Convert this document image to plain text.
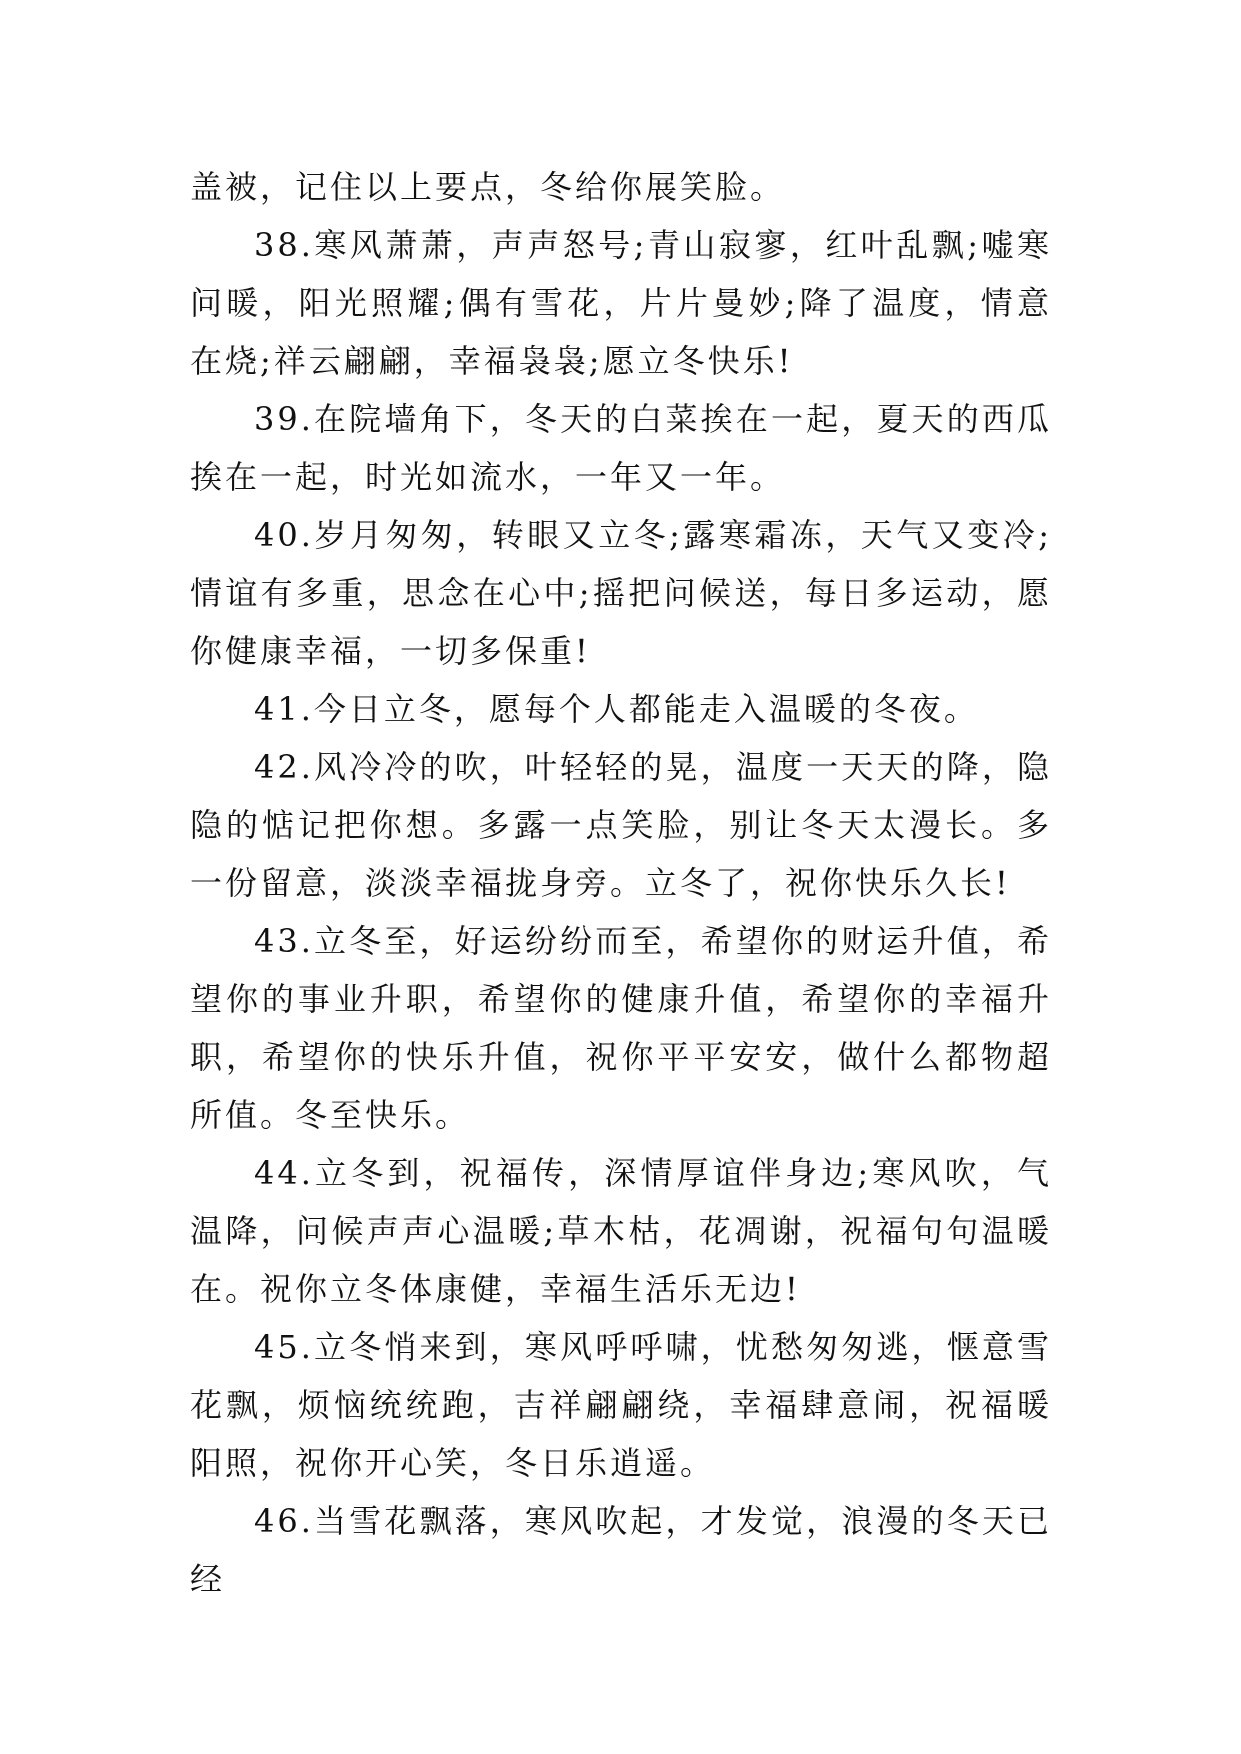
盖被，记住以上要点，冬给你展笑脸。

38.寒风萧萧，声声怒号;青山寂寥，红叶乱飘;嘘寒问暖，阳光照耀;偶有雪花，片片曼妙;降了温度，情意在烧;祥云翩翩，幸福袅袅;愿立冬快乐!

39.在院墙角下，冬天的白菜挨在一起，夏天的西瓜挨在一起，时光如流水，一年又一年。

40.岁月匆匆，转眼又立冬;露寒霜冻，天气又变冷;情谊有多重，思念在心中;摇把问候送，每日多运动，愿你健康幸福，一切多保重!

41.今日立冬，愿每个人都能走入温暖的冬夜。

42.风冷冷的吹，叶轻轻的晃，温度一天天的降，隐隐的惦记把你想。多露一点笑脸，别让冬天太漫长。多一份留意，淡淡幸福拢身旁。立冬了，祝你快乐久长!

43.立冬至，好运纷纷而至，希望你的财运升值，希望你的事业升职，希望你的健康升值，希望你的幸福升职，希望你的快乐升值，祝你平平安安，做什么都物超所值。冬至快乐。

44.立冬到，祝福传，深情厚谊伴身边;寒风吹，气温降，问候声声心温暖;草木枯，花凋谢，祝福句句温暖在。祝你立冬体康健，幸福生活乐无边!

45.立冬悄来到，寒风呼呼啸，忧愁匆匆逃，惬意雪花飘，烦恼统统跑，吉祥翩翩绕，幸福肆意闹，祝福暖阳照，祝你开心笑，冬日乐逍遥。

46.当雪花飘落，寒风吹起，才发觉，浪漫的冬天已经
